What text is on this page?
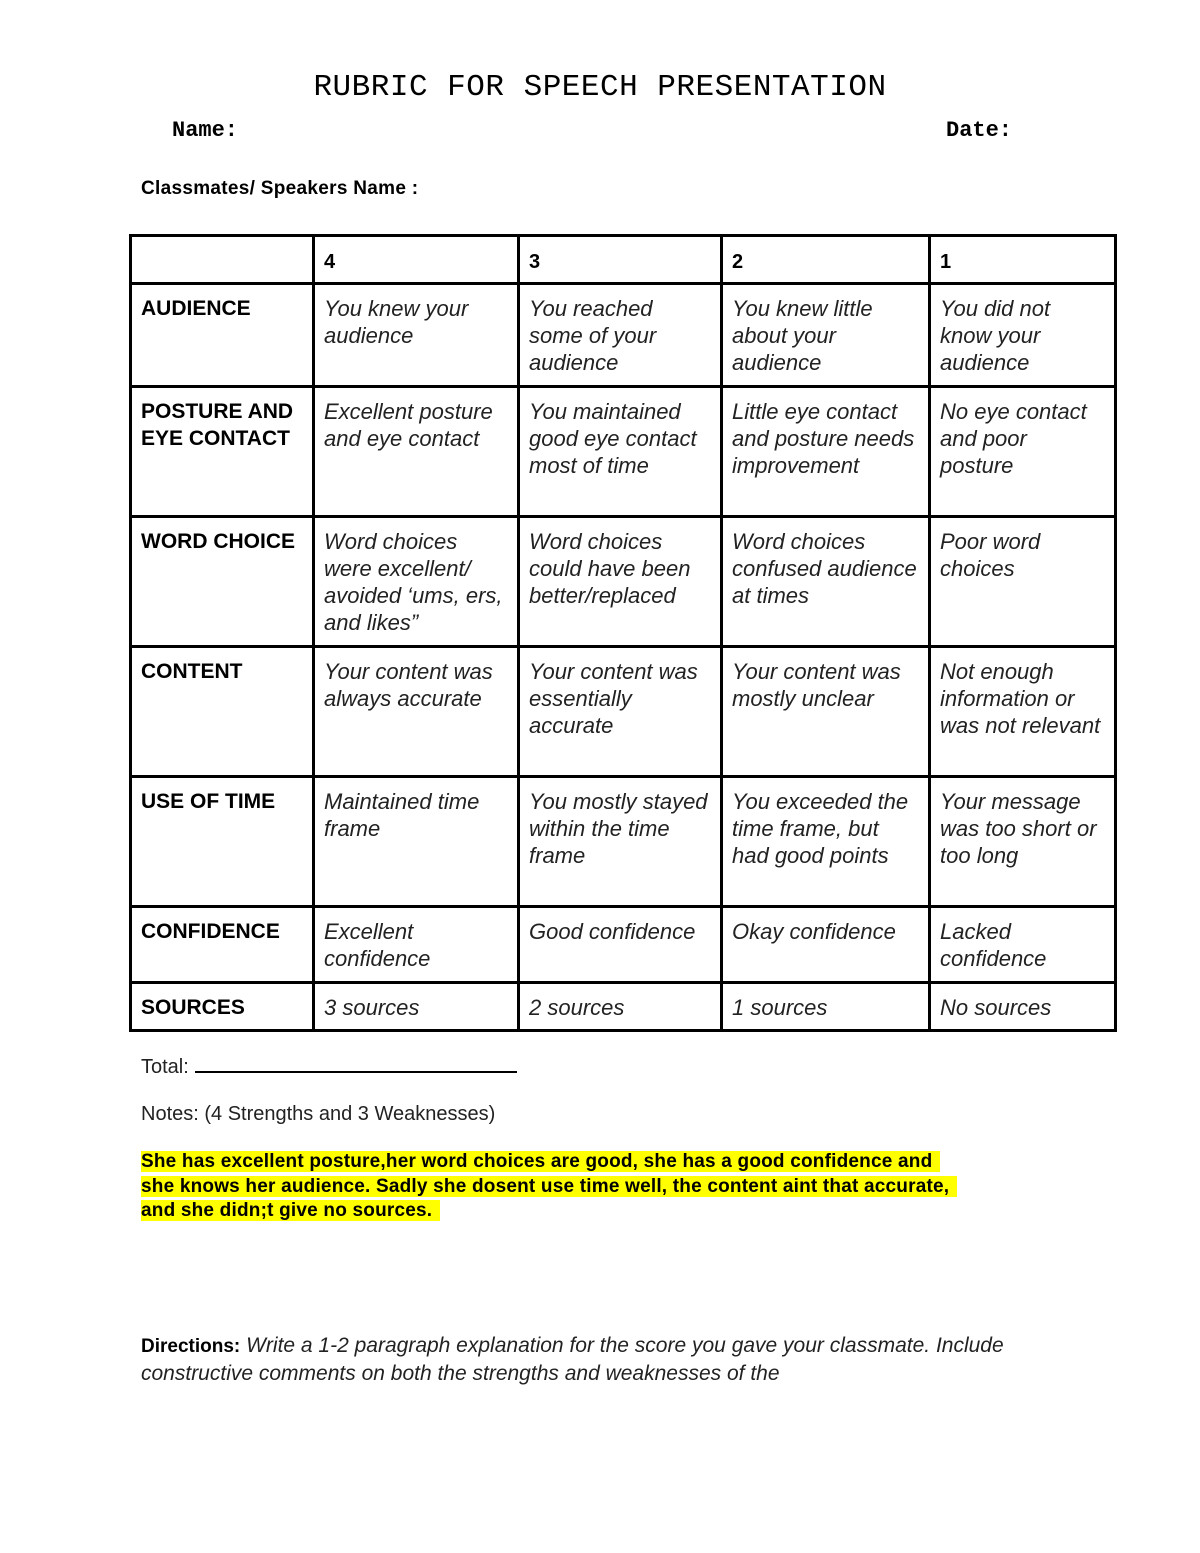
RUBRIC FOR SPEECH PRESENTATION
Name:	Date:
Classmates/ Speakers Name :
	4	3	2	1
AUDIENCE	You knew your audience	You reached some of your audience	You knew little about your audience	You did not know your audience
POSTURE AND EYE CONTACT	Excellent posture and eye contact	You maintained good eye contact most of time	Little eye contact and posture needs improvement	No eye contact and poor posture
WORD CHOICE	Word choices were excellent/ avoided ‘ums, ers, and likes”	Word choices could have been better/replaced	Word choices confused audience at times	Poor word choices
CONTENT	Your content was always accurate	Your content was essentially accurate	Your content was mostly unclear	Not enough information or was not relevant
USE OF TIME	Maintained time frame	You mostly stayed within the time frame	You exceeded the time frame, but had good points	Your message was too short or too long
CONFIDENCE	Excellent confidence	Good confidence	Okay confidence	Lacked confidence
SOURCES	3 sources	2 sources	1 sources	No sources
Total:
Notes: (4 Strengths and 3 Weaknesses)
She has excellent posture,her word choices are good, she has a good confidence and
she knows her audience. Sadly she dosent use time well, the content aint that accurate,
and she didn;t give no sources.
Directions: Write a 1-2 paragraph explanation for the score you gave your classmate. Include constructive comments on both the strengths and weaknesses of the
